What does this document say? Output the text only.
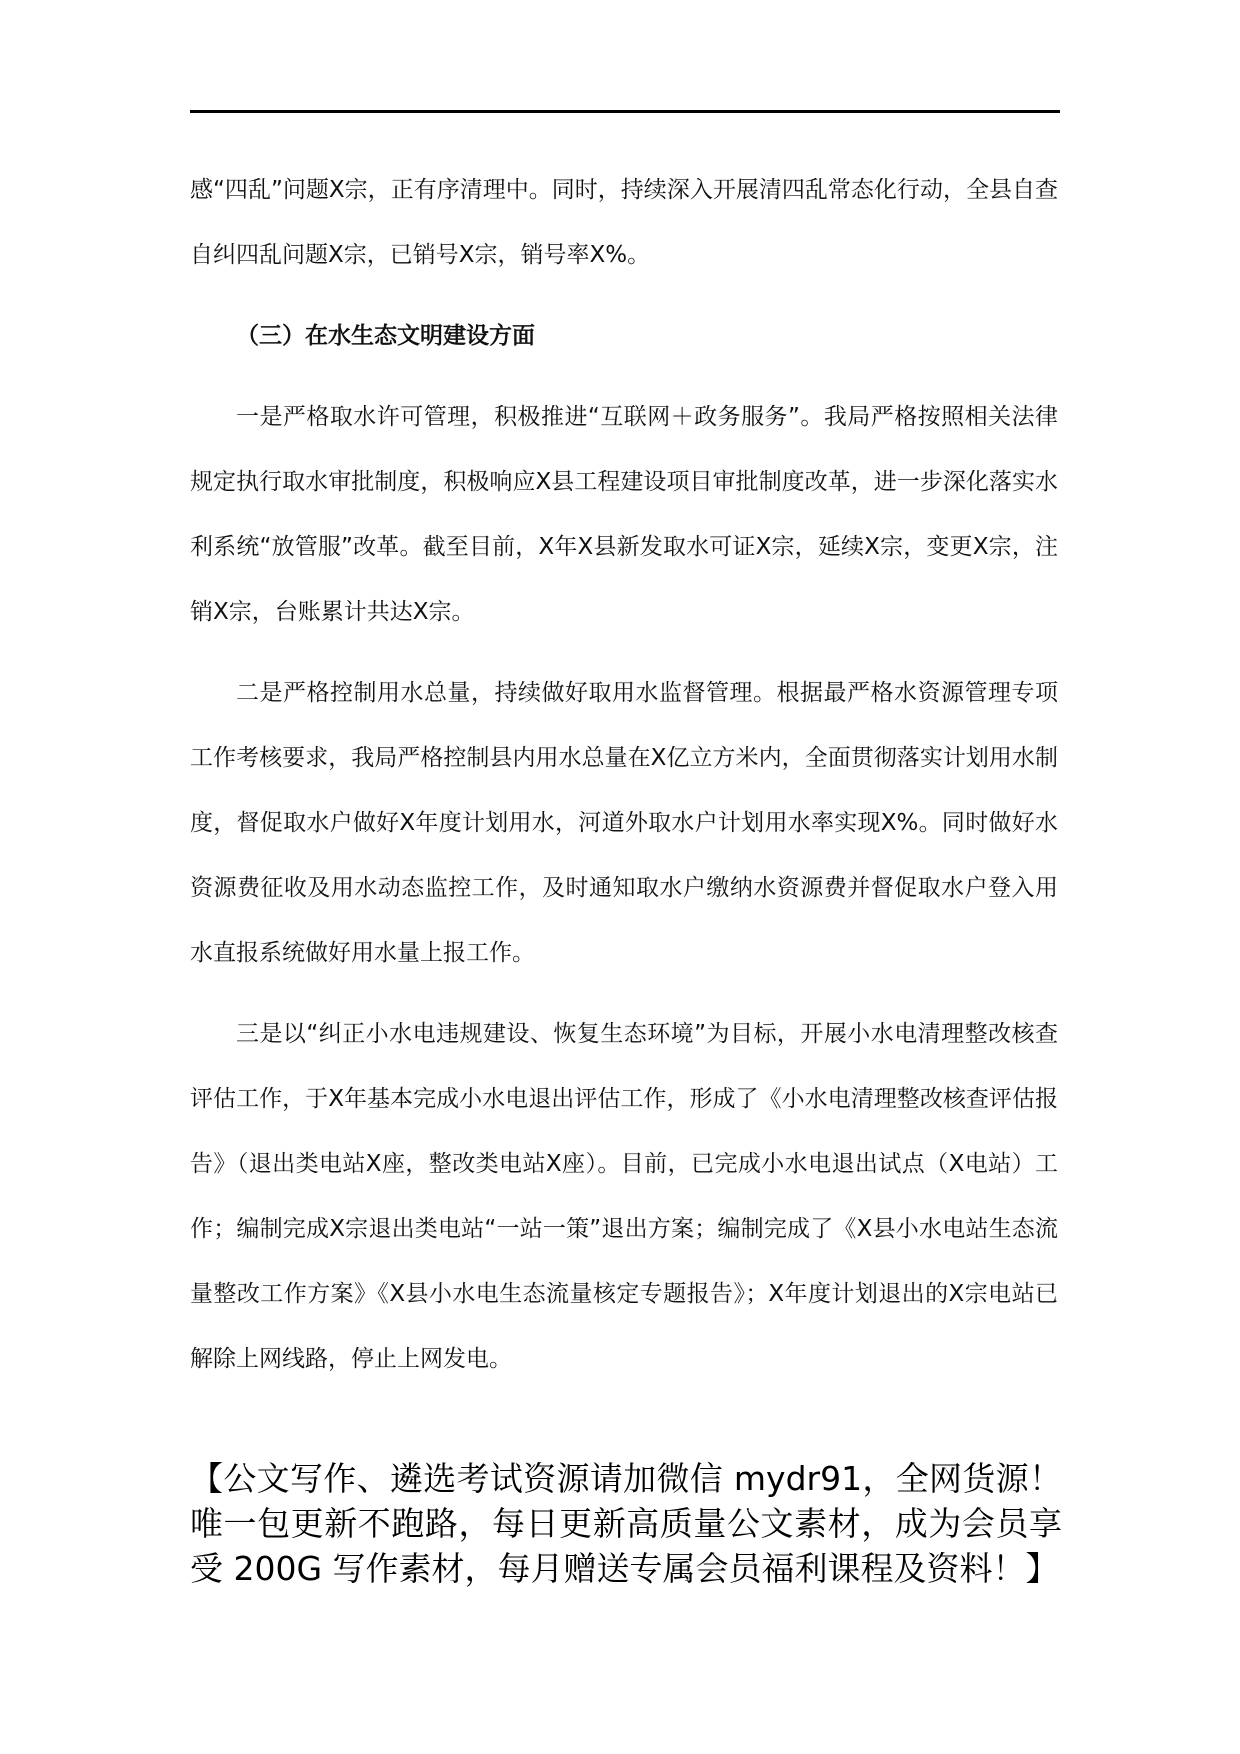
感“四乱”问题X宗，正有序清理中。同时，持续深入开展清四乱常态化行动，全县自查自纠四乱问题X宗，已销号X宗，销号率X%。

（三）在水生态文明建设方面

一是严格取水许可管理，积极推进“互联网＋政务服务”。我局严格按照相关法律规定执行取水审批制度，积极响应X县工程建设项目审批制度改革，进一步深化落实水利系统“放管服”改革。截至目前，X年X县新发取水可证X宗，延续X宗，变更X宗，注销X宗，台账累计共达X宗。

二是严格控制用水总量，持续做好取用水监督管理。根据最严格水资源管理专项工作考核要求，我局严格控制县内用水总量在X亿立方米内，全面贯彻落实计划用水制度，督促取水户做好X年度计划用水，河道外取水户计划用水率实现X%。同时做好水资源费征收及用水动态监控工作，及时通知取水户缴纳水资源费并督促取水户登入用水直报系统做好用水量上报工作。

三是以“纠正小水电违规建设、恢复生态环境”为目标，开展小水电清理整改核查评估工作，于X年基本完成小水电退出评估工作，形成了《小水电清理整改核查评估报告》（退出类电站X座，整改类电站X座）。目前，已完成小水电退出试点（X电站）工作；编制完成X宗退出类电站“一站一策”退出方案；编制完成了《X县小水电站生态流量整改工作方案》《X县小水电生态流量核定专题报告》；X年度计划退出的X宗电站已解除上网线路，停止上网发电。

【公文写作、遴选考试资源请加微信 mydr91，全网货源！唯一包更新不跑路，每日更新高质量公文素材，成为会员享受 200G 写作素材，每月赠送专属会员福利课程及资料！】
